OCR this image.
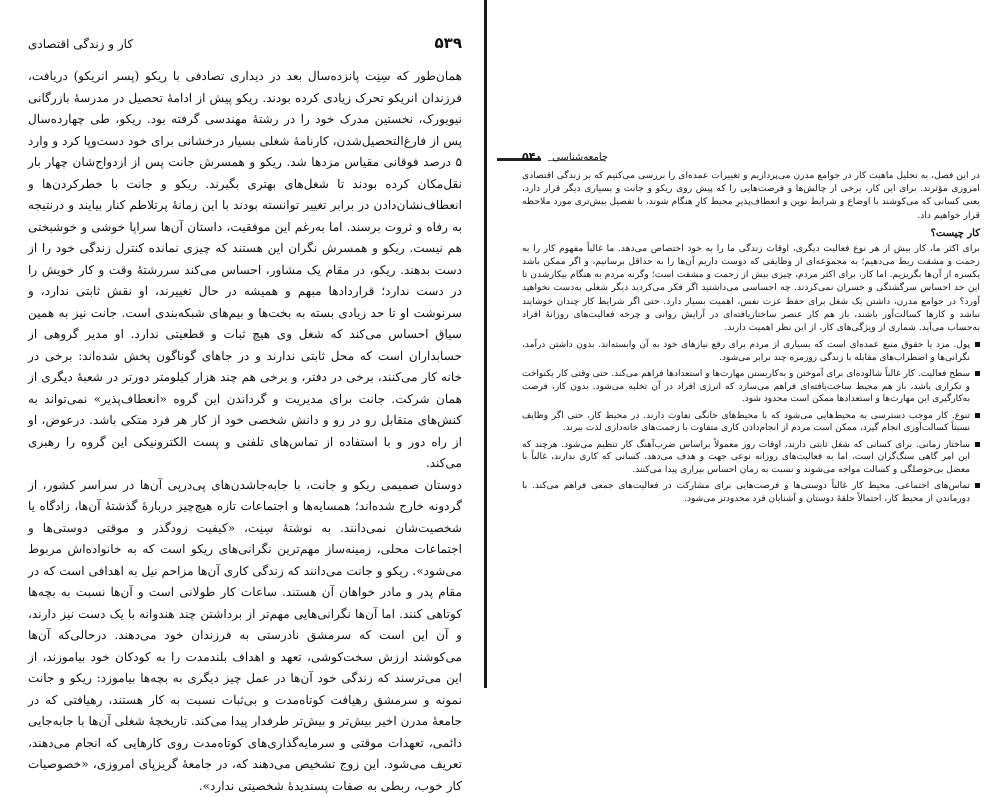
۵۳۹
کار و زندگی اقتصادی

همان‌طور که سِنِت پانزده‌سال بعد در دیداری تصادفی با ریکو (پسر انریکو) دریافت، فرزندان انریکو تحرک زیادی کرده بودند. ریکو پیش از ادامهٔ تحصیل در مدرسهٔ بازرگانی نیویورک، نخستین مدرک خود را در رشتهٔ مهندسی گرفته بود. ریکو، طی چهارده‌سال پس از فارغ‌التحصیل‌شدن، کارنامهٔ شغلی بسیار درخشانی برای خود دست‌وپا کرد و وارد ۵ درصد فوقانی مقیاس مزدها شد. ریکو و همسرش جانت پس از ازدواج‌شان چهار بار نقل‌مکان کرده بودند تا شغل‌های بهتری بگیرند. ریکو و جانت با خطرکردن‌ها و انعطاف‌نشان‌دادن در برابر تغییر توانسته بودند با این زمانهٔ پرتلاطم کنار بیایند و درنتیجه به رفاه و ثروت برسند. اما به‌رغم این موفقیت، داستان آن‌ها سراپا خوشی و خوشبختی هم نیست. ریکو و همسرش نگران این هستند که چیزی نمانده کنترل زندگی خود را از دست بدهند. ریکو، در مقام یک مشاور، احساس می‌کند سررشتهٔ وقت و کار خویش را در دست ندارد؛ قراردادها مبهم و همیشه در حال تغییرند، او نقش ثابتی ندارد، و سرنوشت او تا حد زیادی بسته به بخت‌ها و بیم‌های شبکه‌بندی است. جانت نیز به همین سیاق احساس می‌کند که شغل وی هیچ ثبات و قطعیتی ندارد. او مدیر گروهی از حسابداران است که محل ثابتی ندارند و در جاهای گوناگون پخش شده‌اند: برخی در خانه کار می‌کنند، برخی در دفتر، و برخی هم چند هزار کیلومتر دورتر در شعبهٔ دیگری از همان شرکت. جانت برای مدیریت و گرداندن این گروه «انعطاف‌پذیر» نمی‌تواند به کنش‌های متقابل رو در رو و دانش شخصی خود از کار هر فرد متکی باشد. درعوض، او از راه دور و با استفاده از تماس‌های تلفنی و پست الکترونیکی این گروه را رهبری می‌کند.

دوستان صمیمی ریکو و جانت، با جابه‌جاشدن‌های پی‌درپی آن‌ها در سراسر کشور، از گردونه خارج شده‌اند؛ همسایه‌ها و اجتماعات تازه هیچ‌چیز دربارهٔ گذشتهٔ آن‌ها، زادگاه یا شخصیت‌شان نمی‌دانند. به نوشتهٔ سِنِت، «کیفیت زودگذر و موقتی دوستی‌ها و اجتماعات محلی، زمینه‌ساز مهم‌ترین نگرانی‌های ریکو است که به خانواده‌اش مربوط می‌شود». ریکو و جانت می‌دانند که زندگی کاری آن‌ها مزاحم نیل به اهدافی است که در مقام پدر و مادر خواهان آن هستند. ساعات کار طولانی است و آن‌ها نسبت به بچه‌ها کوتاهی کنند. اما آن‌ها نگرانی‌هایی مهم‌تر از برداشتن چند هندوانه با یک دست نیز دارند، و آن این است که سرمشق نادرستی به فرزندان خود می‌دهند. درحالی‌که آن‌ها می‌کوشند ارزش سخت‌کوشی، تعهد و اهداف بلندمدت را به کودکان خود بیاموزند، از این می‌ترسند که زندگی خود آن‌ها در عمل چیز دیگری به بچه‌ها بیاموزد: ریکو و جانت نمونه و سرمشق رهیافت کوتاه‌مدت و بی‌ثبات نسبت به کار هستند، رهیافتی که در جامعهٔ مدرن اخیر بیش‌تر و بیش‌تر طرفدار پیدا می‌کند. تاریخچهٔ شغلی آن‌ها با جابه‌جایی دائمی، تعهدات موقتی و سرمایه‌گذاری‌های کوتاه‌مدت روی کارهایی که انجام می‌دهند، تعریف می‌شود. این زوج تشخیص می‌دهند که، در جامعهٔ گریزپای امروزی، «خصوصیات کار خوب، ربطی به صفات پسندیدهٔ شخصیتی ندارد».

جامعه‌شناسی
۵۴۰

در این فصل، به تحلیل ماهیت کار در جوامع مدرن می‌پردازیم و تغییرات عمده‌ای را بررسی می‌کنیم که بر زندگی اقتصادی امروزی مؤثرند. برای این کار، برخی از چالش‌ها و فرصت‌هایی را که پیش روی ریکو و جانت و بسیاری دیگر قرار دارد، یعنی کسانی که می‌کوشند با اوضاع و شرایط نوین و انعطاف‌پذیرِ محیط کارِ هنگام شوند، با تفصیل بیش‌تری مورد ملاحظه قرار خواهیم داد.

کار چیست؟

برای اکثر ما، کار بیش از هر نوع فعالیت دیگری، اوقات زندگی ما را به خود اختصاص می‌دهد. ما غالباً مفهوم کار را به زحمت و مشقت ربط می‌دهیم؛ به مجموعه‌ای از وظایفی که دوست داریم آن‌ها را به حداقل برسانیم، و اگر ممکن باشد یکسره از آن‌ها بگریزیم. اما کار، برای اکثر مردم، چیزی بیش از زحمت و مشقت است؛ وگرنه مردم به هنگام بیکارشدن تا این حد احساس سرگشتگی و خسران نمی‌کردند. چه احساسی می‌داشتید اگر فکر می‌کردید دیگر شغلی به‌دست نخواهید آورد؟ در جوامع مدرن، داشتن یک شغل برای حفظ عزت نفس، اهمیت بسیار دارد. حتی اگر شرایط کار چندان خوشایند نباشد و کارها کسالت‌آور باشند، باز هم کار عنصر ساختاریافته‌ای در آرایش روانی و چرخه فعالیت‌های روزانهٔ افراد به‌حساب می‌آید. شماری از ویژگی‌های کار، از این نظر اهمیت دارند.

پول. مزد یا حقوق منبع عمده‌ای است که بسیاری از مردم برای رفع نیازهای خود به آن وابسته‌اند. بدون داشتن درآمد، نگرانی‌ها و اضطراب‌های مقابله با زندگی روزمره چند برابر می‌شود.
سطح فعالیت. کار غالباً شالوده‌ای برای آموختن و به‌کاربستن مهارت‌ها و استعدادها فراهم می‌کند. حتی وقتی کار یکنواخت و تکراری باشد، باز هم محیط ساخت‌یافته‌ای فراهم می‌سازد که انرژی افراد در آن تخلیه می‌شود. بدون کار، فرصت به‌کارگیری این مهارت‌ها و استعدادها ممکن است محدود شود.
تنوع. کار موجب دسترسی به محیط‌هایی می‌شود که با محیط‌های خانگی تفاوت دارند. در محیط کار، حتی اگر وظایف نسبتاً کسالت‌آوری انجام گیرد، ممکن است مردم از انجام‌دادن کاری متفاوت با زحمت‌های خانه‌داری لذت ببرند.
ساختار زمانی. برای کسانی که شغل ثابتی دارند، اوقات روز معمولاً براساس ضرب‌آهنگ کار تنظیم می‌شود. هرچند که این امر گاهی سنگ‌گران است، اما به فعالیت‌های روزانه نوعی جهت و هدف می‌دهد. کسانی که کاری ندارند، غالباً با معضل بی‌حوصلگی و کسالت مواجه می‌شوند و نسبت به زمان احساس بیزاری پیدا می‌کنند.
تماس‌های اجتماعی. محیط کار غالباً دوستی‌ها و فرصت‌هایی برای مشارکت در فعالیت‌های جمعی فراهم می‌کند. با دورماندن از محیط کار، احتمالاً حلقهٔ دوستان و آشنایان فرد محدودتر می‌شود.
